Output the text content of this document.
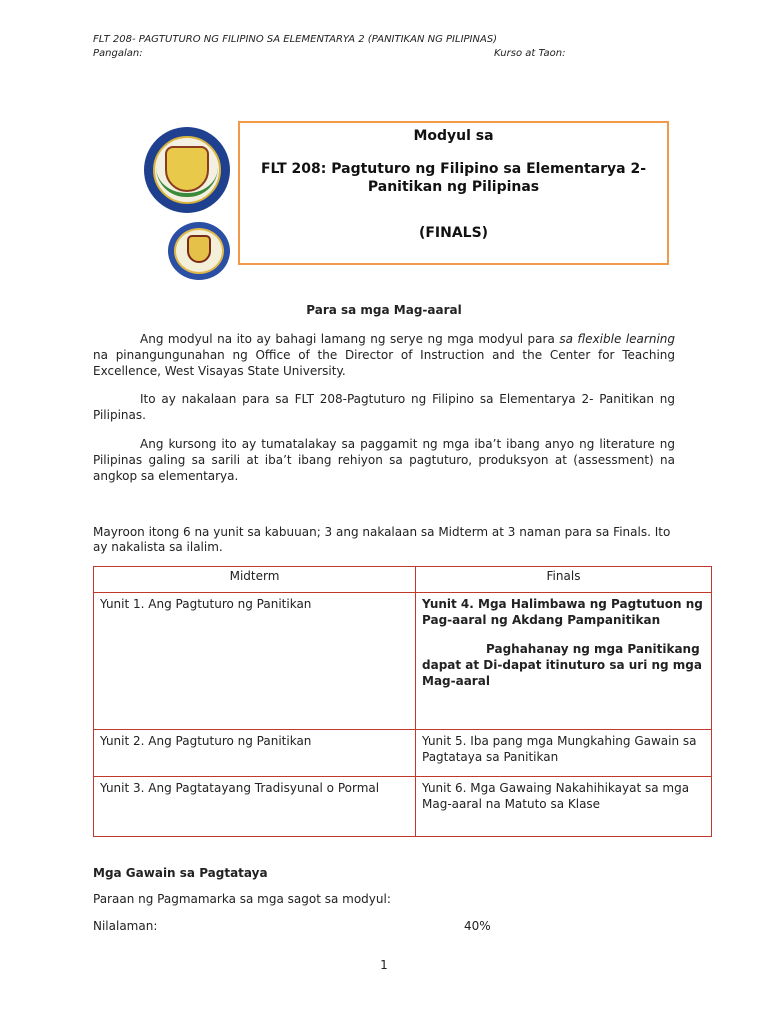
FLT 208- PAGTUTURO NG FILIPINO SA ELEMENTARYA 2 (PANITIKAN NG PILIPINAS)
Pangalan:	Kurso at Taon:
Modyul sa
FLT 208: Pagtuturo ng Filipino sa Elementarya 2-Panitikan ng Pilipinas
(FINALS)
Para sa mga Mag-aaral
Ang modyul na ito ay bahagi lamang ng serye ng mga modyul para sa flexible learning na pinangungunahan ng Office of the Director of Instruction and the Center for Teaching Excellence, West Visayas State University.
Ito ay nakalaan para sa FLT 208-Pagtuturo ng Filipino sa Elementarya 2- Panitikan ng Pilipinas.
Ang kursong ito ay tumatalakay sa paggamit ng mga iba’t ibang anyo ng literature ng Pilipinas galing sa sarili at iba’t ibang rehiyon sa pagtuturo, produksyon at (assessment) na angkop sa elementarya.
Mayroon itong 6 na yunit sa kabuuan; 3 ang nakalaan sa Midterm at 3 naman para sa Finals. Ito ay nakalista sa ilalim.
Midterm	Finals
Yunit 1. Ang Pagtuturo ng Panitikan	Yunit 4. Mga Halimbawa ng Pagtutuon ng Pag-aaral ng Akdang Pampanitikan
Paghahanay ng mga Panitikang dapat at Di-dapat itinuturo sa uri ng mga Mag-aaral

Yunit 2. Ang Pagtuturo ng Panitikan	Yunit 5. Iba pang mga Mungkahing Gawain sa Pagtataya sa Panitikan
Yunit 3. Ang Pagtatayang Tradisyunal o Pormal	Yunit 6. Mga Gawaing Nakahihikayat sa mga Mag-aaral na Matuto sa Klase
Mga Gawain sa Pagtataya
Paraan ng Pagmamarka sa mga sagot sa modyul:
Nilalaman:	40%
1
